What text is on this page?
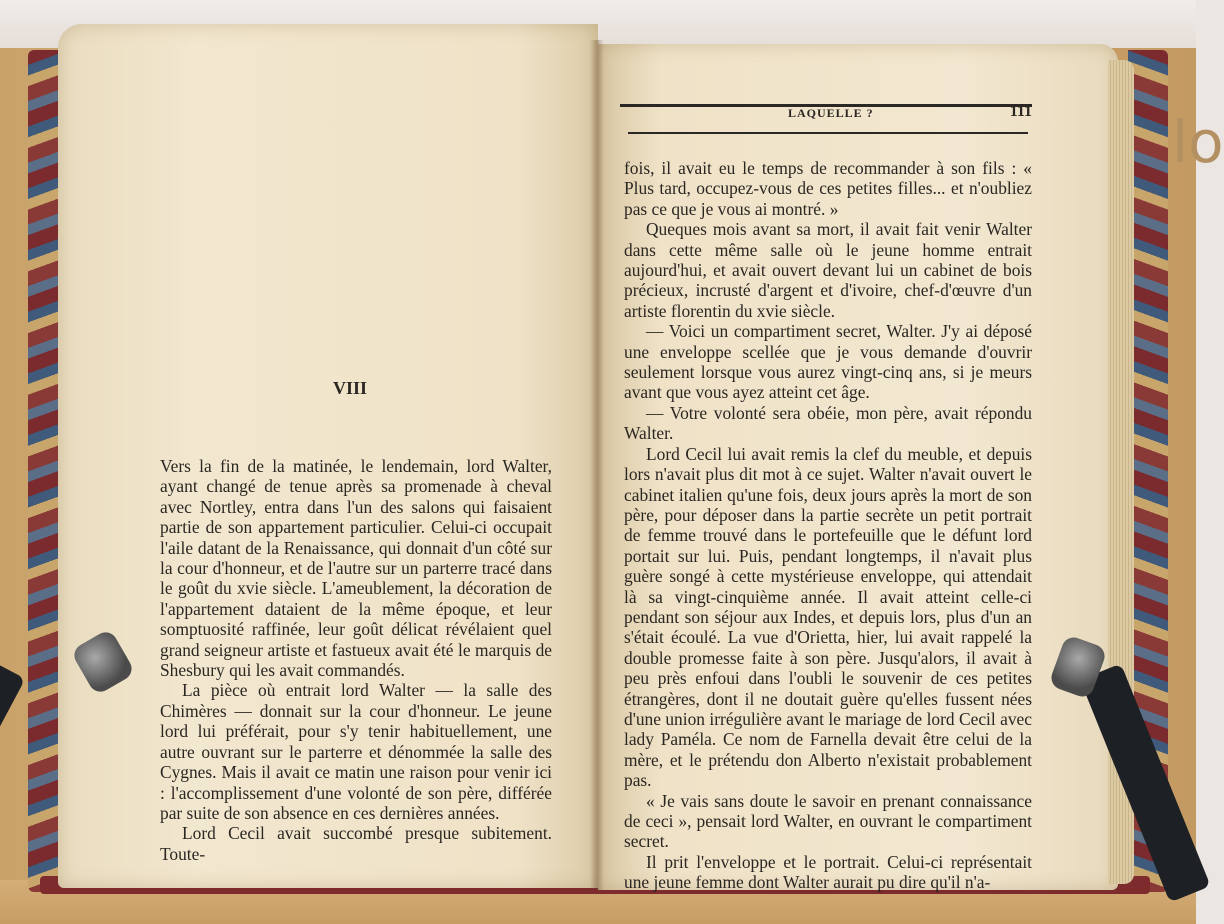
lo
VIII

Vers la fin de la matinée, le lendemain, lord Walter, ayant changé de tenue après sa promenade à cheval avec Nortley, entra dans l'un des salons qui faisaient partie de son appartement particulier. Celui-ci occupait l'aile datant de la Renaissance, qui donnait d'un côté sur la cour d'honneur, et de l'autre sur un parterre tracé dans le goût du xvie siècle. L'ameublement, la décoration de l'appartement dataient de la même époque, et leur somptuosité raffinée, leur goût délicat révélaient quel grand seigneur artiste et fastueux avait été le marquis de Shesbury qui les avait commandés.

La pièce où entrait lord Walter — la salle des Chimères — donnait sur la cour d'honneur. Le jeune lord lui préférait, pour s'y tenir habituellement, une autre ouvrant sur le parterre et dénommée la salle des Cygnes. Mais il avait ce matin une raison pour venir ici : l'accomplissement d'une volonté de son père, différée par suite de son absence en ces dernières années.

Lord Cecil avait succombé presque subitement. Toute-

LAQUELLE ?	111

fois, il avait eu le temps de recommander à son fils : « Plus tard, occupez-vous de ces petites filles... et n'oubliez pas ce que je vous ai montré. »

Queques mois avant sa mort, il avait fait venir Walter dans cette même salle où le jeune homme entrait aujourd'hui, et avait ouvert devant lui un cabinet de bois précieux, incrusté d'argent et d'ivoire, chef-d'œuvre d'un artiste florentin du xvie siècle.

— Voici un compartiment secret, Walter. J'y ai déposé une enveloppe scellée que je vous demande d'ouvrir seulement lorsque vous aurez vingt-cinq ans, si je meurs avant que vous ayez atteint cet âge.

— Votre volonté sera obéie, mon père, avait répondu Walter.

Lord Cecil lui avait remis la clef du meuble, et depuis lors n'avait plus dit mot à ce sujet. Walter n'avait ouvert le cabinet italien qu'une fois, deux jours après la mort de son père, pour déposer dans la partie secrète un petit portrait de femme trouvé dans le portefeuille que le défunt lord portait sur lui. Puis, pendant longtemps, il n'avait plus guère songé à cette mystérieuse enveloppe, qui attendait là sa vingt-cinquième année. Il avait atteint celle-ci pendant son séjour aux Indes, et depuis lors, plus d'un an s'était écoulé. La vue d'Orietta, hier, lui avait rappelé la double promesse faite à son père. Jusqu'alors, il avait à peu près enfoui dans l'oubli le souvenir de ces petites étrangères, dont il ne doutait guère qu'elles fussent nées d'une union irrégulière avant le mariage de lord Cecil avec lady Paméla. Ce nom de Farnella devait être celui de la mère, et le prétendu don Alberto n'existait probablement pas.

« Je vais sans doute le savoir en prenant connaissance de ceci », pensait lord Walter, en ouvrant le compartiment secret.

Il prit l'enveloppe et le portrait. Celui-ci représentait une jeune femme dont Walter aurait pu dire qu'il n'a-
